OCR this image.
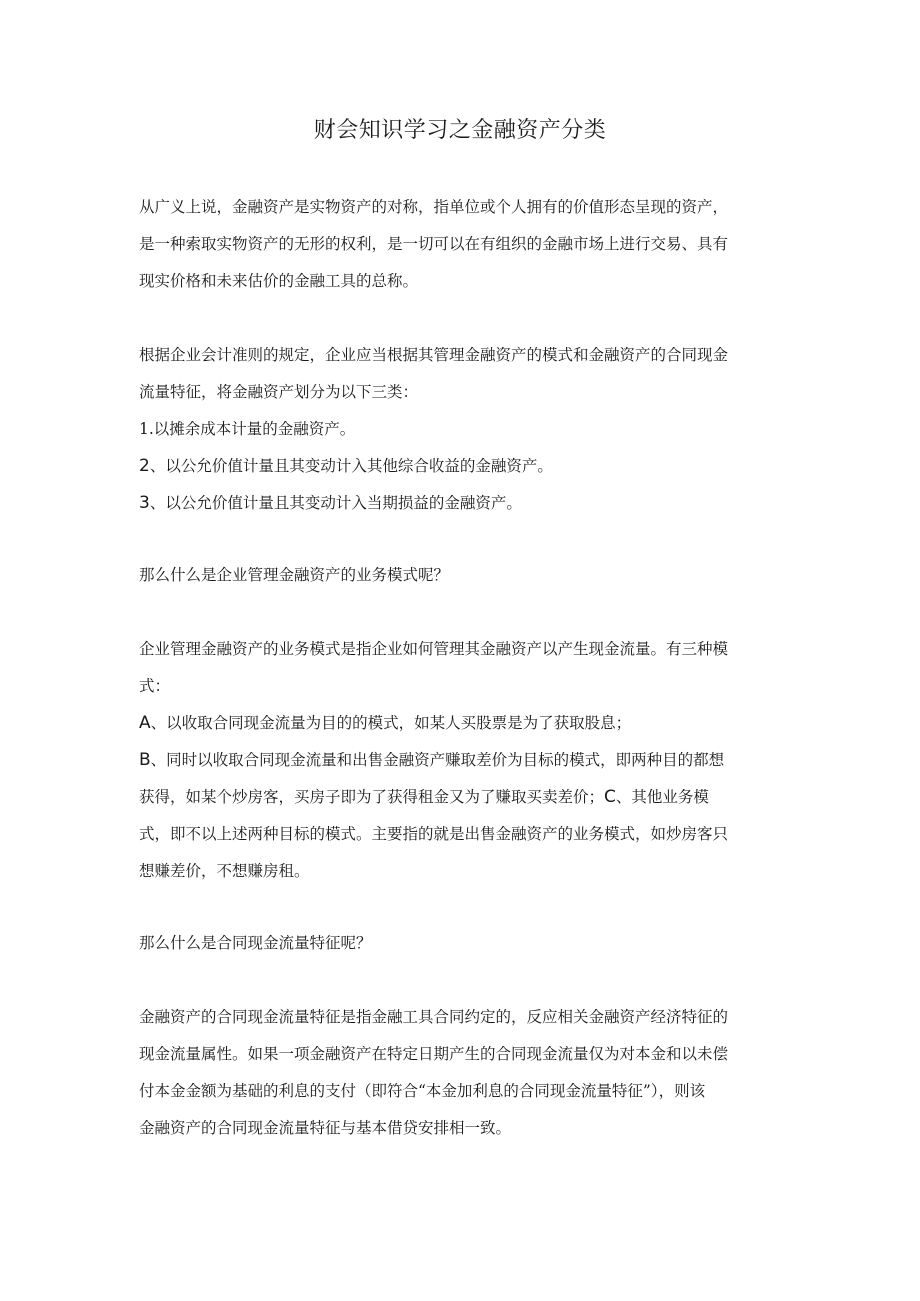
财会知识学习之金融资产分类
从广义上说，金融资产是实物资产的对称，指单位或个人拥有的价值形态呈现的资产，
是一种索取实物资产的无形的权利，是一切可以在有组织的金融市场上进行交易、具有
现实价格和未来估价的金融工具的总称。
根据企业会计准则的规定，企业应当根据其管理金融资产的模式和金融资产的合同现金
流量特征，将金融资产划分为以下三类：
1.以摊余成本计量的金融资产。
2、以公允价值计量且其变动计入其他综合收益的金融资产。
3、以公允价值计量且其变动计入当期损益的金融资产。
那么什么是企业管理金融资产的业务模式呢？
企业管理金融资产的业务模式是指企业如何管理其金融资产以产生现金流量。有三种模
式：
A、以收取合同现金流量为目的的模式，如某人买股票是为了获取股息；
B、同时以收取合同现金流量和出售金融资产赚取差价为目标的模式，即两种目的都想
获得，如某个炒房客，买房子即为了获得租金又为了赚取买卖差价；C、其他业务模
式，即不以上述两种目标的模式。主要指的就是出售金融资产的业务模式，如炒房客只
想赚差价，不想赚房租。
那么什么是合同现金流量特征呢？
金融资产的合同现金流量特征是指金融工具合同约定的，反应相关金融资产经济特征的
现金流量属性。如果一项金融资产在特定日期产生的合同现金流量仅为对本金和以未偿
付本金金额为基础的利息的支付（即符合“本金加利息的合同现金流量特征”），则该
金融资产的合同现金流量特征与基本借贷安排相一致。
